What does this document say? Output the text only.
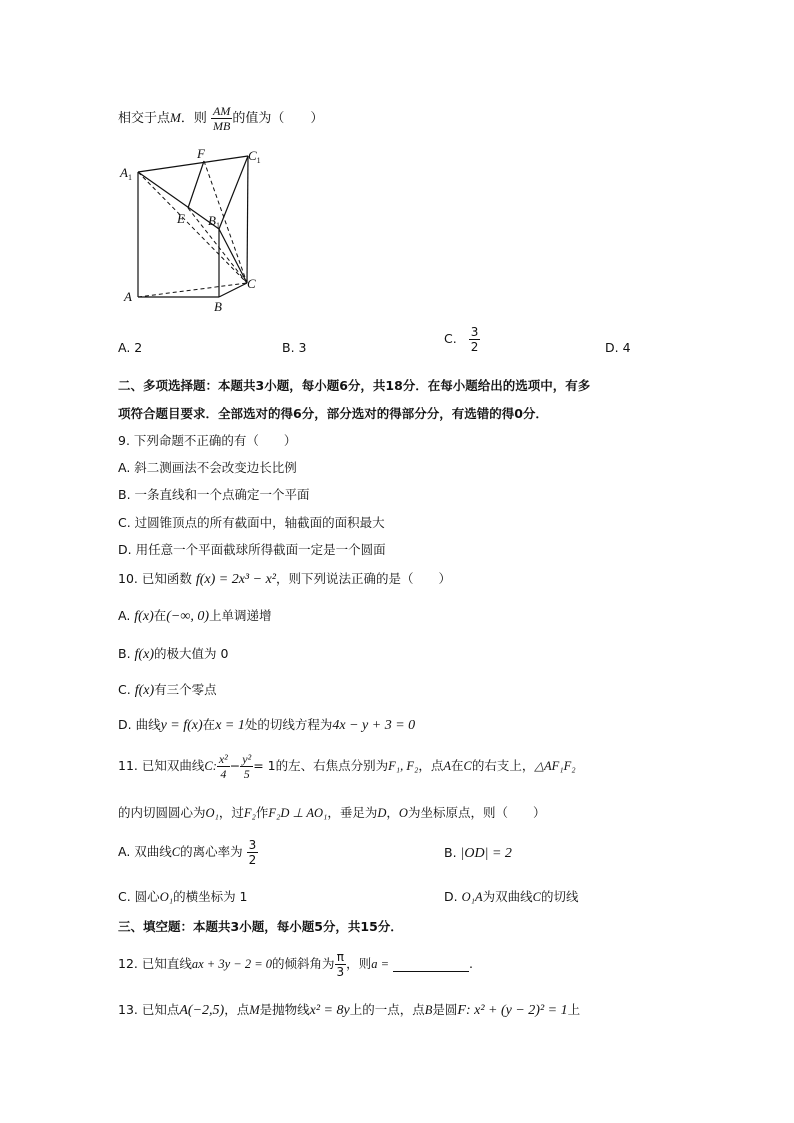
相交于点M．则 $\frac{AM}{MB}$ 的值为（　　）
$A_1$
F	$C_1$
E $B_1$
C
A
B
A. 2	B. 3
C. $\frac{3}{2}$	D. 4
二、多项选择题：本题共3小题，每小题6分，共18分．在每小题给出的选项中，有多
项符合题目要求．全部选对的得6分，部分选对的得部分分，有选错的得0分．
9. 下列命题不正确的有（　　）
A. 斜二测画法不会改变边长比例
B. 一条直线和一个点确定一个平面
C. 过圆锥顶点的所有截面中，轴截面的面积最大
D. 用任意一个平面截球所得截面一定是一个圆面
10. 已知函数 f(x) = 2x³ − x²，则下列说法正确的是（　　）
A. f(x)在(−∞, 0)上单调递增
B. f(x)的极大值为 0
C. f(x)有三个零点
D. 曲线y = f(x)在x = 1处的切线方程为4x − y + 3 = 0
11. 已知双曲线C: $\frac{\text{x²}}{4} - \frac{\text{y²}}{5} = 1$的左、右焦点分别为F₁, F₂，点A在C的右支上，△AF₁F₂
的内切圆圆心为O₁，过F₂作F₂D ⊥ AO₁，垂足为D，O为坐标原点，则（　　）
A. 双曲线C的离心率为 $\frac{3}{2}$	B. |OD| = 2
C. 圆心O₁的横坐标为 1	D. O₁A为双曲线C的切线
三、填空题：本题共3小题，每小题5分，共15分．
12. 已知直线ax + 3y − 2 = 0的倾斜角为 $\frac{\pi}{3}$ ，则a =	.
13. 已知点A(−2,5)，点M是抛物线x² = 8y上的一点，点B是圆F: x² + (y − 2)² = 1上
